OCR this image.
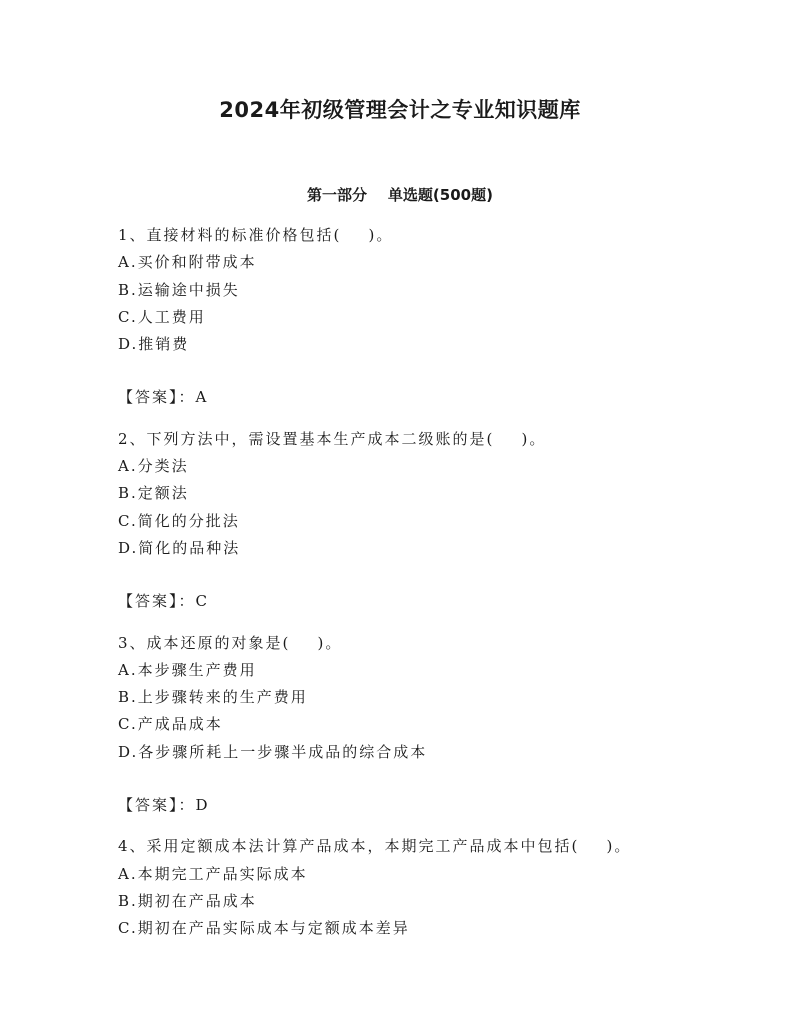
2024年初级管理会计之专业知识题库
第一部分    单选题(500题)
1、直接材料的标准价格包括(    )。
A.买价和附带成本
B.运输途中损失
C.人工费用
D.推销费
【答案】：A
2、下列方法中，需设置基本生产成本二级账的是(    )。
A.分类法
B.定额法
C.简化的分批法
D.简化的品种法
【答案】：C
3、成本还原的对象是(    )。
A.本步骤生产费用
B.上步骤转来的生产费用
C.产成品成本
D.各步骤所耗上一步骤半成品的综合成本
【答案】：D
4、采用定额成本法计算产品成本，本期完工产品成本中包括(    )。
A.本期完工产品实际成本
B.期初在产品成本
C.期初在产品实际成本与定额成本差异
